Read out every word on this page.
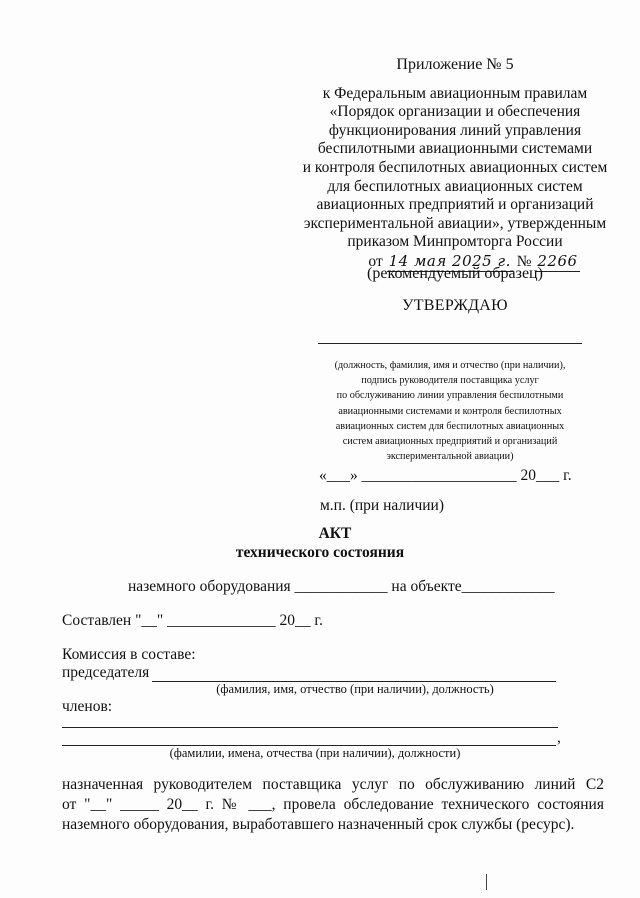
Приложение № 5
к Федеральным авиационным правилам
«Порядок организации и обеспечения
функционирования линий управления
беспилотными авиационными системами
и контроля беспилотных авиационных систем
для беспилотных авиационных систем
авиационных предприятий и организаций
экспериментальной авиации», утвержденным
приказом Минпромторга России
от 14 мая 2025 г. № 2266
(рекомендуемый образец)
УТВЕРЖДАЮ
(должность, фамилия, имя и отчество (при наличии),
подпись руководителя поставщика услуг
по обслуживанию линии управления беспилотными
авиационными системами и контроля беспилотных
авиационных систем для беспилотных авиационных
систем авиационных предприятий и организаций
экспериментальной авиации)
«___» ____________________ 20___ г.
м.п. (при наличии)
АКТ
технического состояния
наземного оборудования ____________ на объекте____________
Составлен "__" ______________ 20__ г.
Комиссия в составе:
председателя
(фамилия, имя, отчество (при наличии), должность)
членов:
,
(фамилии, имена, отчества (при наличии), должности)
назначенная руководителем поставщика услуг по обслуживанию линий С2
от "__" _____ 20__ г. № ___, провела обследование технического состояния
наземного оборудования, выработавшего назначенный срок службы (ресурс).
